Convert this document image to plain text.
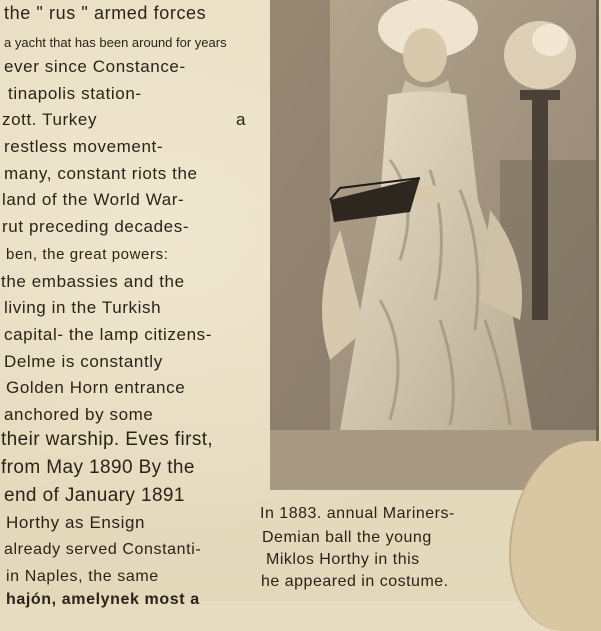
the " rus " armed forces
a yacht that has been around for years
ever since Constance-
tinapolis station-
zott. Turkey	a
restless movement-
many, constant riots the
land of the World War-
rut preceding decades-
ben, the great powers:
the embassies and the
living in the Turkish
capital- the lamp citizens-
Delme is constantly
Golden Horn entrance
anchored by some
their warship. Eves first,
from May 1890 By the
end of January 1891
Horthy as Ensign
already served Constanti-
in Naples, the same
hajón, amelynek most a
In 1883. annual Mariners-
Demian ball the young
Miklos Horthy in this
he appeared in costume.
